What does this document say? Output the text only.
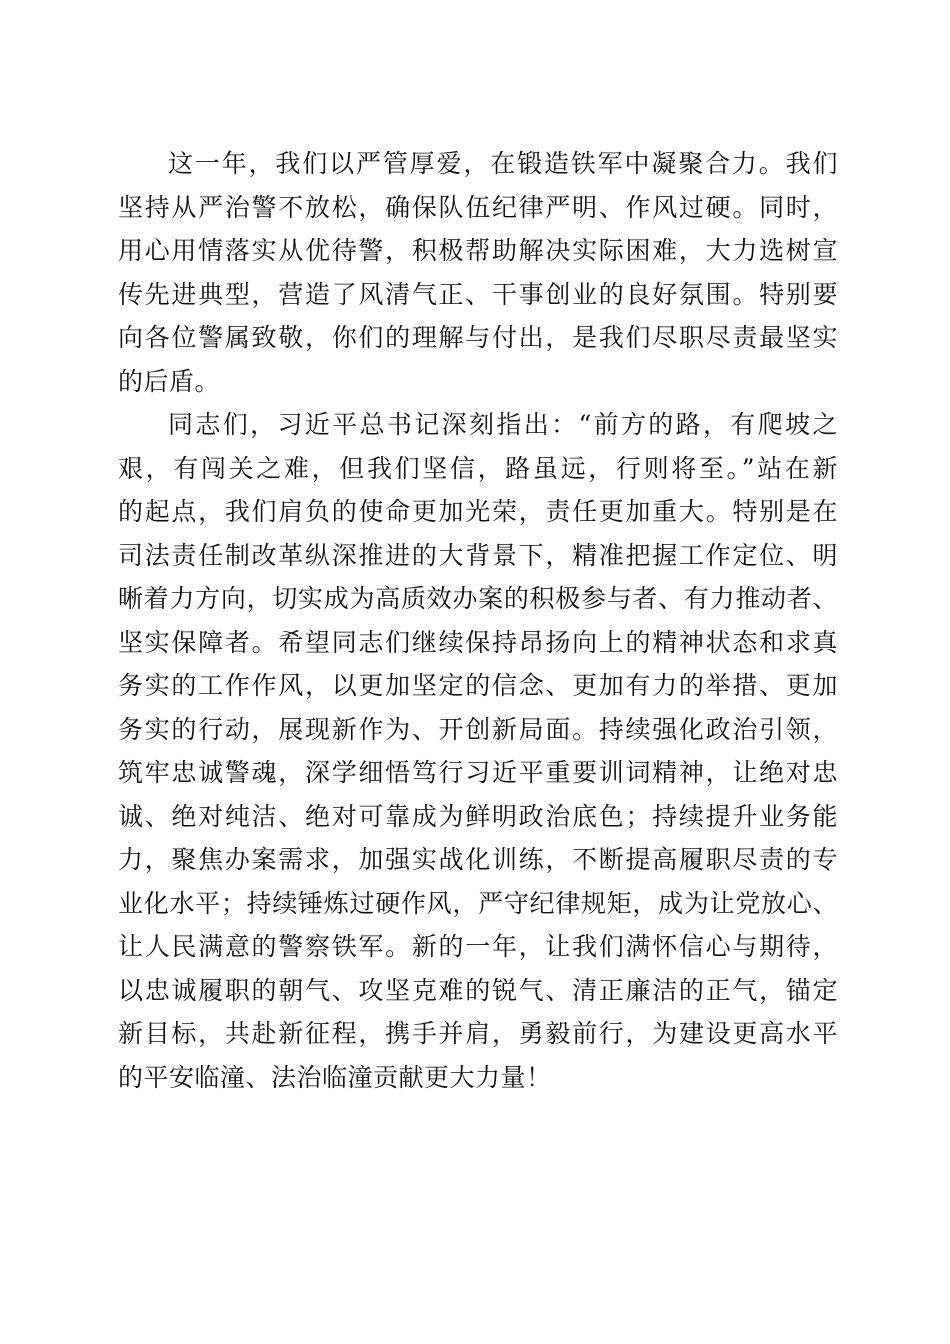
这一年，我们以严管厚爱，在锻造铁军中凝聚合力。我们
坚持从严治警不放松，确保队伍纪律严明、作风过硬。同时，
用心用情落实从优待警，积极帮助解决实际困难，大力选树宣
传先进典型，营造了风清气正、干事创业的良好氛围。特别要
向各位警属致敬，你们的理解与付出，是我们尽职尽责最坚实
的后盾。
同志们，习近平总书记深刻指出：“前方的路，有爬坡之
艰，有闯关之难，但我们坚信，路虽远，行则将至。”站在新
的起点，我们肩负的使命更加光荣，责任更加重大。特别是在
司法责任制改革纵深推进的大背景下，精准把握工作定位、明
晰着力方向，切实成为高质效办案的积极参与者、有力推动者、
坚实保障者。希望同志们继续保持昂扬向上的精神状态和求真
务实的工作作风，以更加坚定的信念、更加有力的举措、更加
务实的行动，展现新作为、开创新局面。持续强化政治引领，
筑牢忠诚警魂，深学细悟笃行习近平重要训词精神，让绝对忠
诚、绝对纯洁、绝对可靠成为鲜明政治底色；持续提升业务能
力，聚焦办案需求，加强实战化训练，不断提高履职尽责的专
业化水平；持续锤炼过硬作风，严守纪律规矩，成为让党放心、
让人民满意的警察铁军。新的一年，让我们满怀信心与期待，
以忠诚履职的朝气、攻坚克难的锐气、清正廉洁的正气，锚定
新目标，共赴新征程，携手并肩，勇毅前行，为建设更高水平
的平安临潼、法治临潼贡献更大力量！
